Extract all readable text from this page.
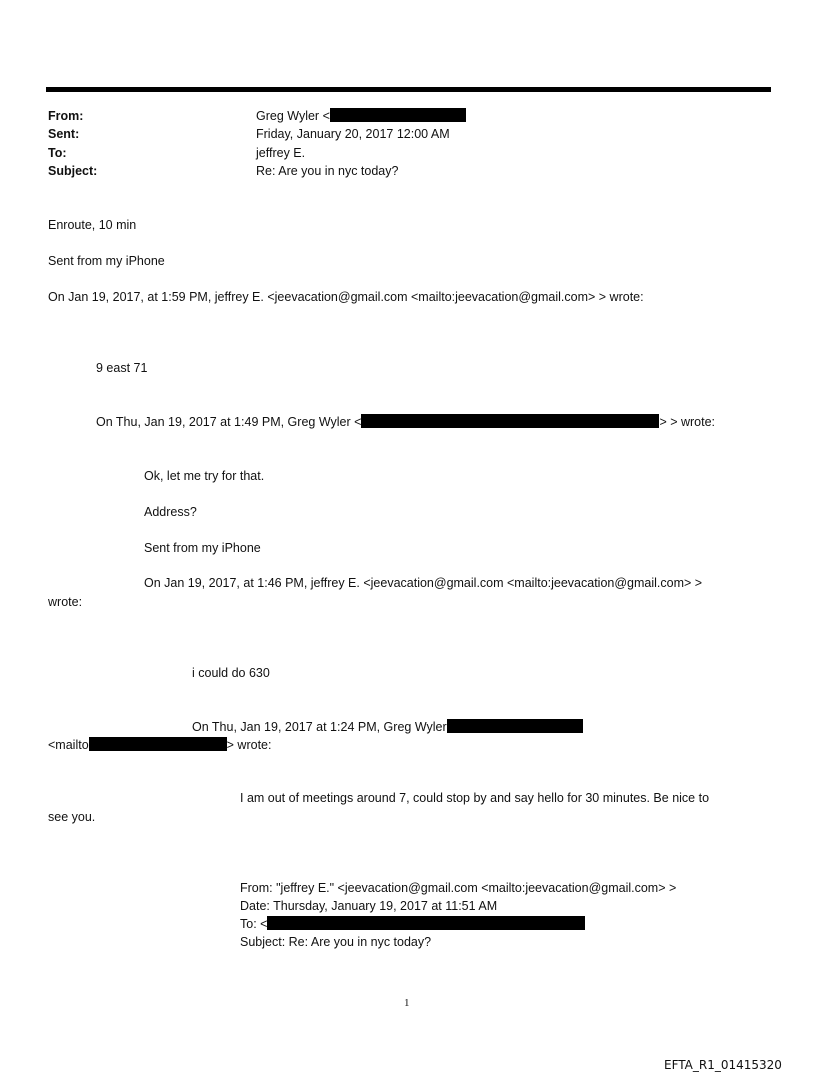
From:
Sent:
To:
Subject:
Greg Wyler <
Friday, January 20, 2017 12:00 AM
jeffrey E.
Re: Are you in nyc today?
Enroute, 10 min
Sent from my iPhone
On Jan 19, 2017, at 1:59 PM, jeffrey E. <jeevacation@gmail.com <mailto:jeevacation@gmail.com> > wrote:
9 east 71
On Thu, Jan 19, 2017 at 1:49 PM, Greg Wyler <	> > wrote:
Ok, let me try for that.
Address?
Sent from my iPhone
On Jan 19, 2017, at 1:46 PM, jeffrey E. <jeevacation@gmail.com <mailto:jeevacation@gmail.com> >
wrote:
i could do 630
On Thu, Jan 19, 2017 at 1:24 PM, Greg Wyler
<mailto	> wrote:
I am out of meetings around 7, could stop by and say hello for 30 minutes. Be nice to
see you.
From: "jeffrey E." <jeevacation@gmail.com <mailto:jeevacation@gmail.com> >
Date: Thursday, January 19, 2017 at 11:51 AM
To: <
Subject: Re: Are you in nyc today?
1
EFTA_R1_01415320
